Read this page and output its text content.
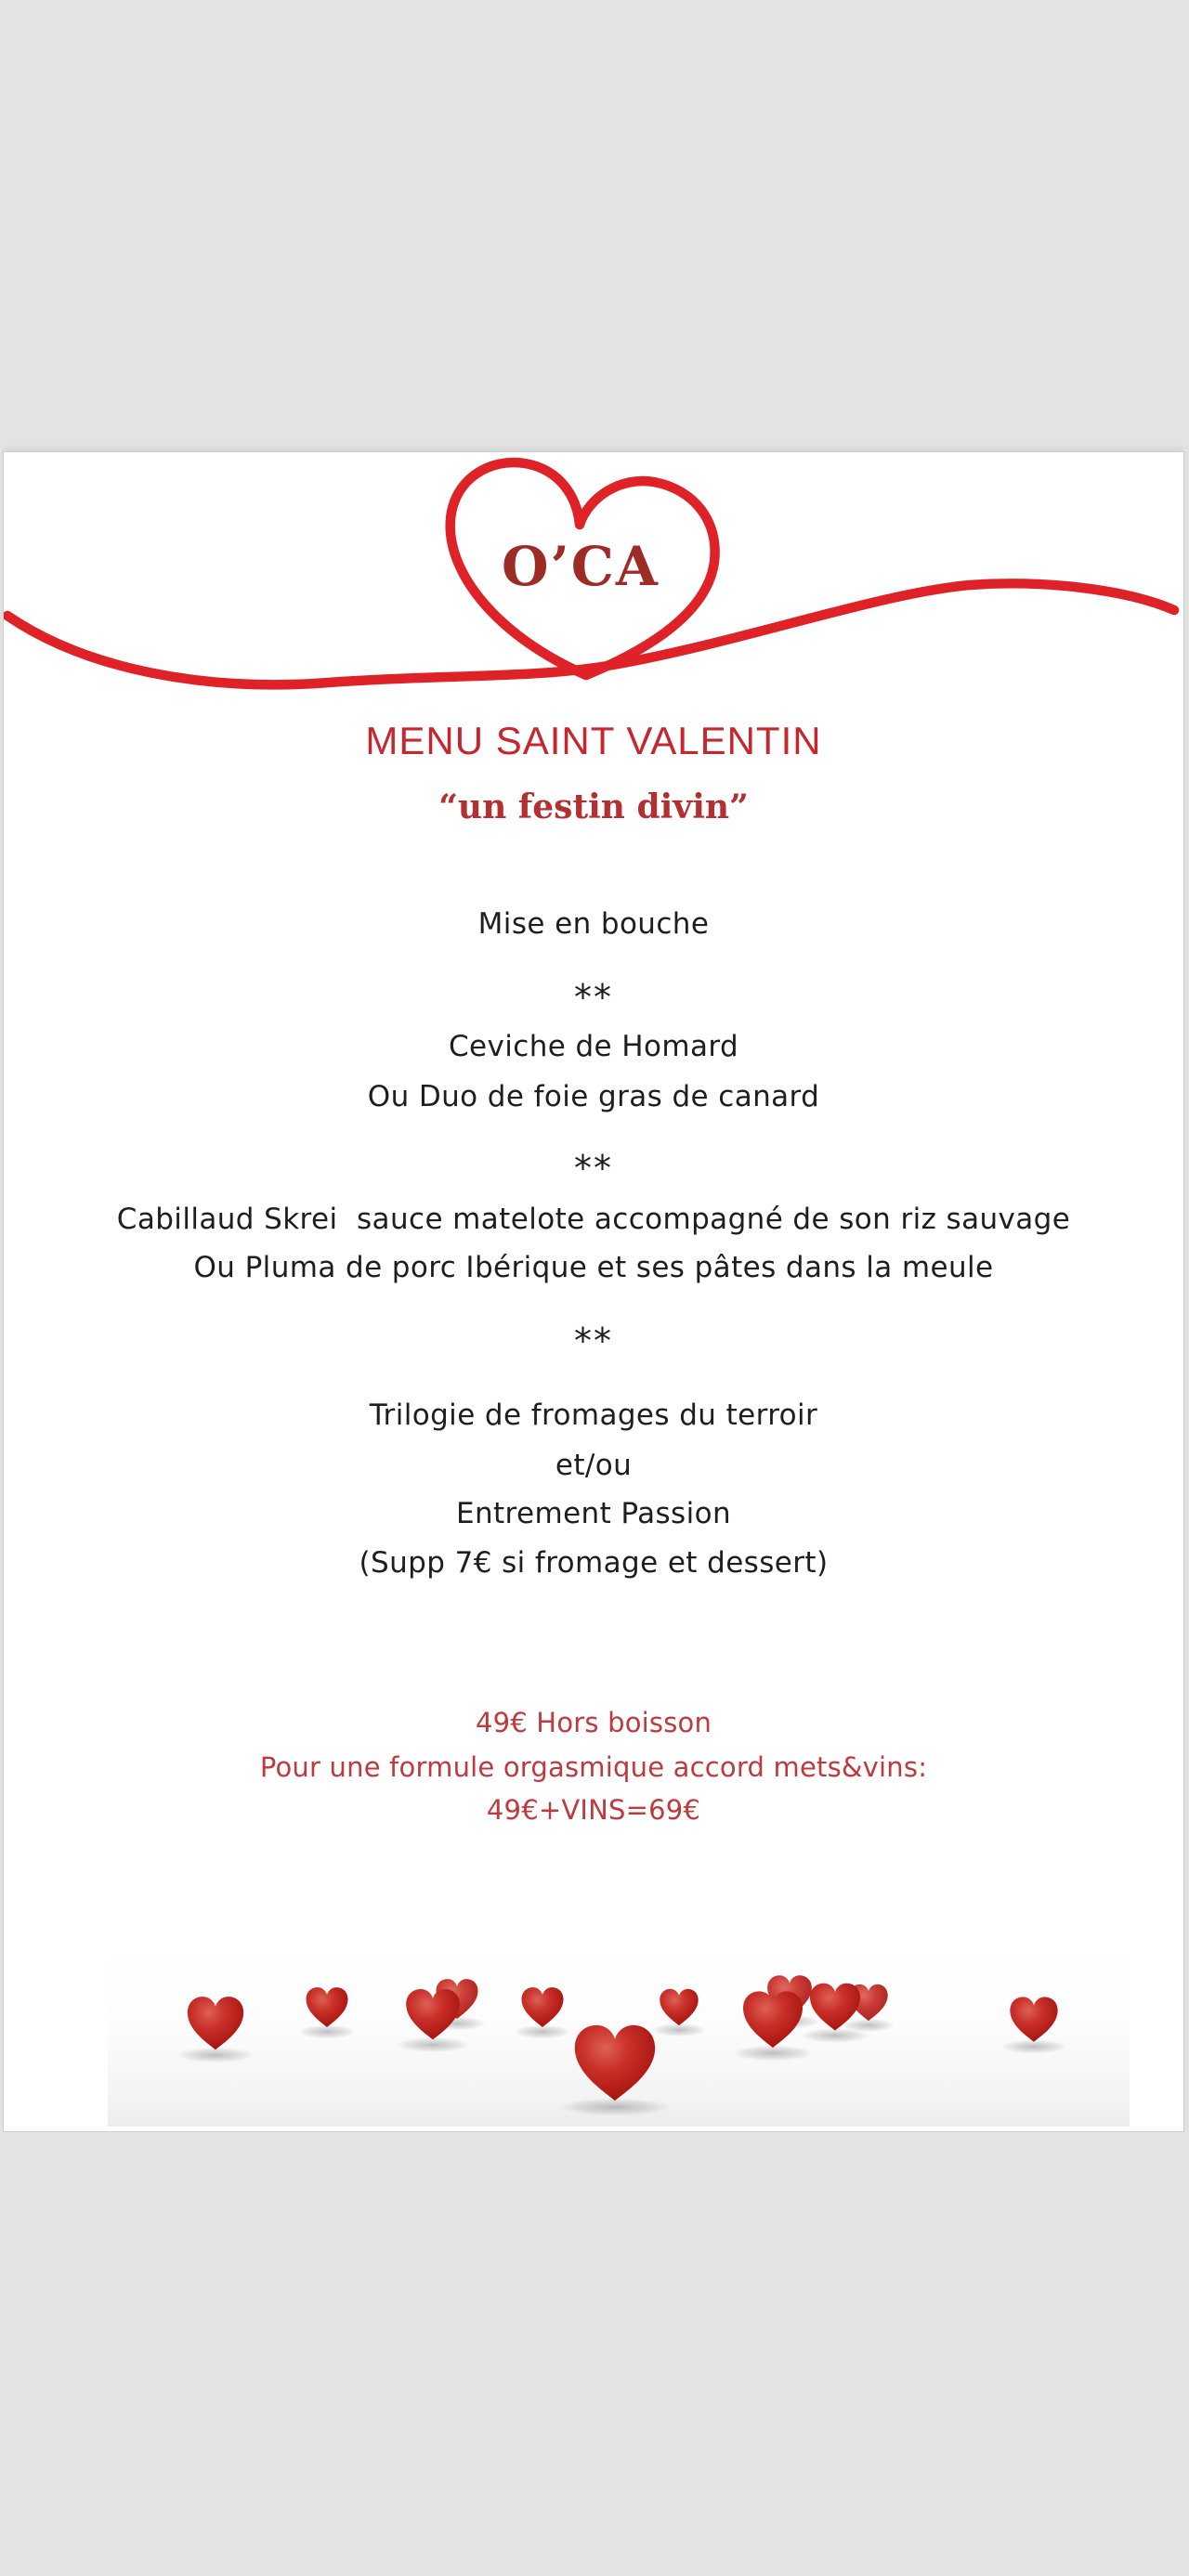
O’CA
MENU SAINT VALENTIN
“un festin divin”
Mise en bouche
**
Ceviche de Homard
Ou Duo de foie gras de canard
**
Cabillaud Skrei  sauce matelote accompagné de son riz sauvage
Ou Pluma de porc Ibérique et ses pâtes dans la meule
**
Trilogie de fromages du terroir
et/ou
Entrement Passion
(Supp 7€ si fromage et dessert)
49€ Hors boisson
Pour une formule orgasmique accord mets&vins:
49€+VINS=69€
